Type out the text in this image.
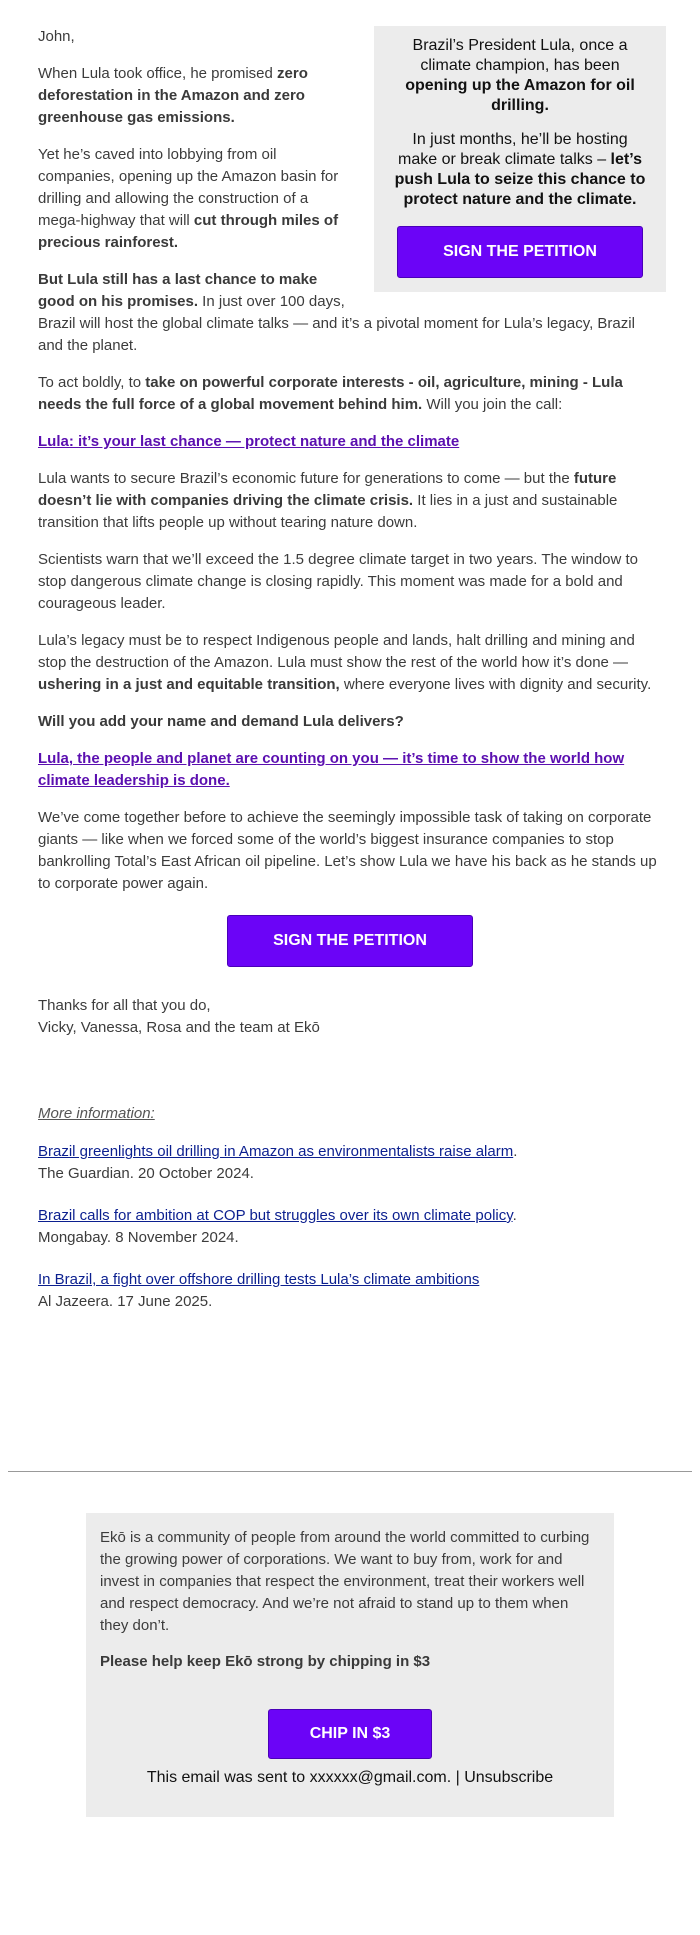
Brazil’s President Lula, once a climate champion, has been opening up the Amazon for oil drilling.

In just months, he’ll be hosting make or break climate talks – let’s push Lula to seize this chance to protect nature and the climate.

SIGN THE PETITION

John,

When Lula took office, he promised zero deforestation in the Amazon and zero greenhouse gas emissions.

Yet he’s caved into lobbying from oil companies, opening up the Amazon basin for drilling and allowing the construction of a mega-highway that will cut through miles of precious rainforest.

But Lula still has a last chance to make good on his promises. In just over 100 days, Brazil will host the global climate talks — and it’s a pivotal moment for Lula’s legacy, Brazil and the planet.

To act boldly, to take on powerful corporate interests - oil, agriculture, mining - Lula needs the full force of a global movement behind him. Will you join the call:

Lula: it’s your last chance — protect nature and the climate

Lula wants to secure Brazil’s economic future for generations to come — but the future doesn’t lie with companies driving the climate crisis. It lies in a just and sustainable transition that lifts people up without tearing nature down.

Scientists warn that we’ll exceed the 1.5 degree climate target in two years. The window to stop dangerous climate change is closing rapidly. This moment was made for a bold and courageous leader.

Lula’s legacy must be to respect Indigenous people and lands, halt drilling and mining and stop the destruction of the Amazon. Lula must show the rest of the world how it’s done — ushering in a just and equitable transition, where everyone lives with dignity and security.

Will you add your name and demand Lula delivers?

Lula, the people and planet are counting on you — it’s time to show the world how climate leadership is done.

We’ve come together before to achieve the seemingly impossible task of taking on corporate giants — like when we forced some of the world’s biggest insurance companies to stop bankrolling Total’s East African oil pipeline. Let’s show Lula we have his back as he stands up to corporate power again.

SIGN THE PETITION

Thanks for all that you do,
Vicky, Vanessa, Rosa and the team at Ekō

More information:

Brazil greenlights oil drilling in Amazon as environmentalists raise alarm.
The Guardian. 20 October 2024.
Brazil calls for ambition at COP but struggles over its own climate policy.
Mongabay. 8 November 2024.
In Brazil, a fight over offshore drilling tests Lula’s climate ambitions
Al Jazeera. 17 June 2025.

Ekō is a community of people from around the world committed to curbing the growing power of corporations. We want to buy from, work for and invest in companies that respect the environment, treat their workers well and respect democracy. And we’re not afraid to stand up to them when they don’t.

Please help keep Ekō strong by chipping in $3

CHIP IN $3
This email was sent to xxxxxx@gmail.com. | Unsubscribe
